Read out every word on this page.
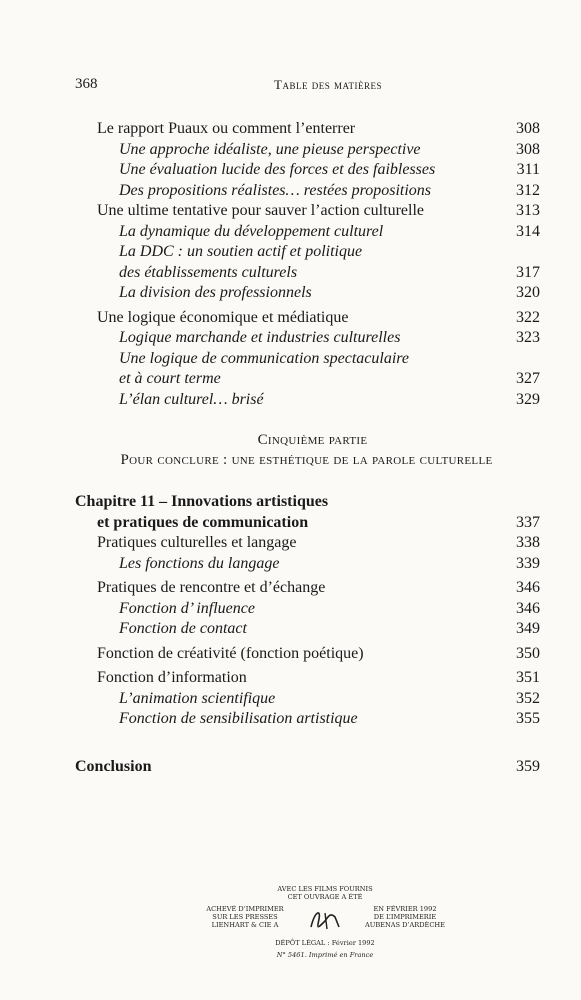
368	Table des matières
Le rapport Puaux ou comment l’enterrer	308
Une approche idéaliste, une pieuse perspective	308
Une évaluation lucide des forces et des faiblesses	311
Des propositions réalistes… restées propositions	312
Une ultime tentative pour sauver l’action culturelle	313
La dynamique du développement culturel	314
La DDC : un soutien actif et politique
des établissements culturels	317
La division des professionnels	320
Une logique économique et médiatique	322
Logique marchande et industries culturelles	323
Une logique de communication spectaculaire
et à court terme	327
L’élan culturel… brisé	329
Cinquième partie
Pour conclure : une esthétique de la parole culturelle
Chapitre 11 – Innovations artistiques
et pratiques de communication	337
Pratiques culturelles et langage	338
Les fonctions du langage	339
Pratiques de rencontre et d’échange	346
Fonction d’ influence	346
Fonction de contact	349
Fonction de créativité (fonction poétique)	350
Fonction d’information	351
L’animation scientifique	352
Fonction de sensibilisation artistique	355
Conclusion	359
AVEC LES FILMS FOURNIS
CET OUVRAGE A ÉTÉ
ACHEVÉ D’IMPRIMER
SUR LES PRESSES
LIENHART & CIE A
EN FÉVRIER 1992
DE L’IMPRIMERIE
AUBENAS D’ARDÈCHE
DÉPÔT LÉGAL : Février 1992
N° 5461. Imprimé en France
